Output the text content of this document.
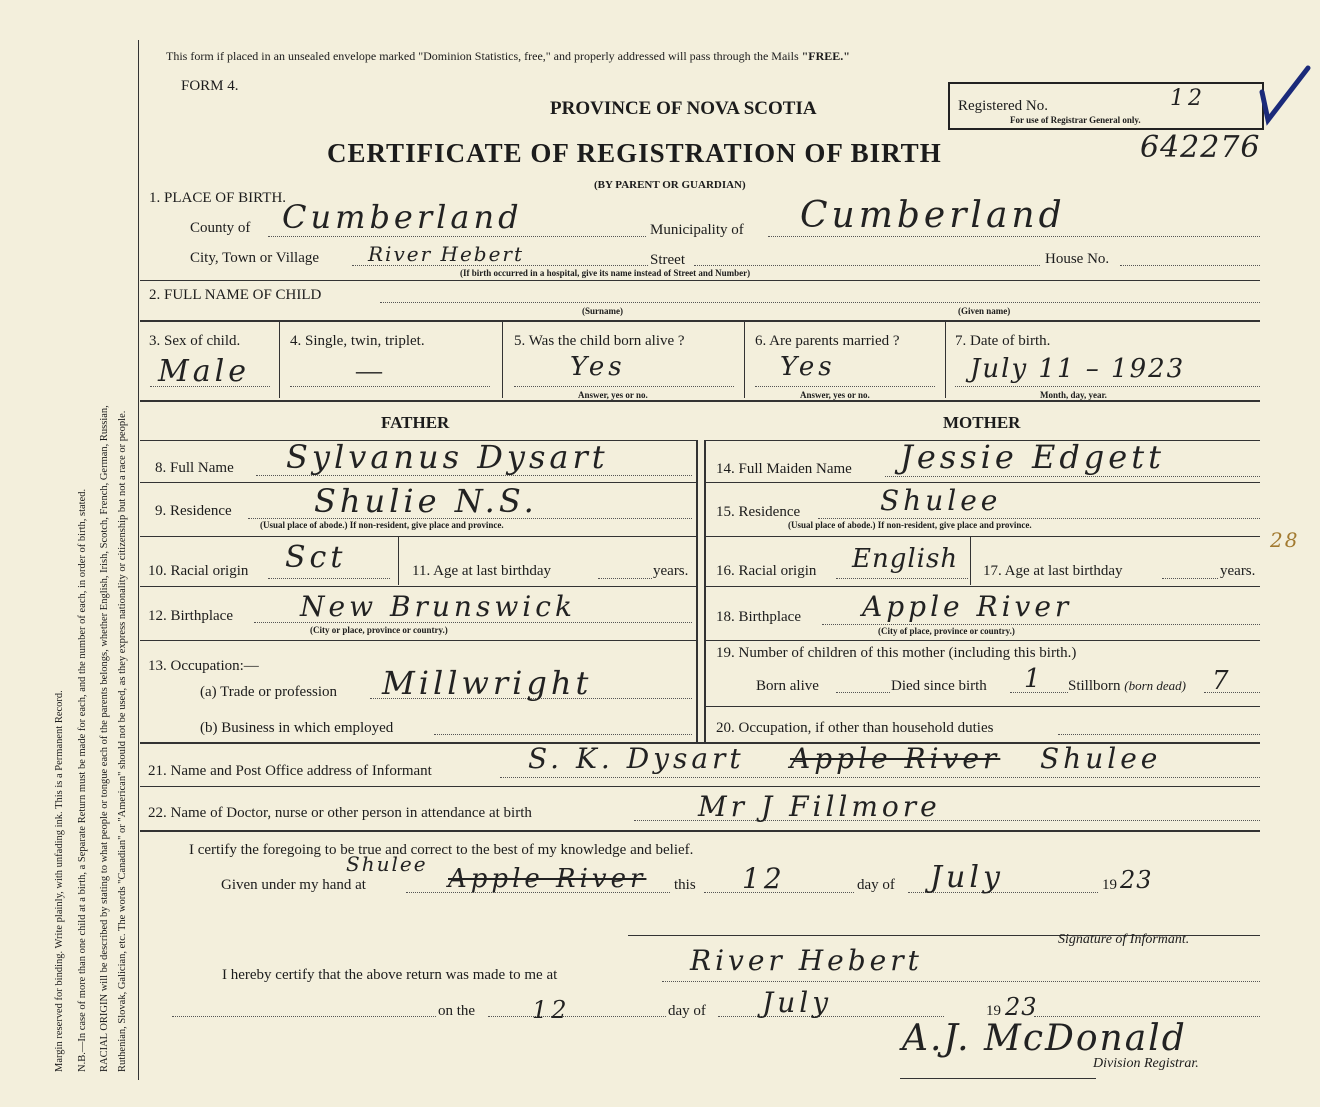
Margin reserved for binding. Write plainly, with unfading ink. This is a Permanent Record. N.B.—In case of more than one child at a birth, a Separate Return must be made for each, and the number of each, in order of birth, stated. RACIAL ORIGIN will be described by stating to what people or tongue each of the parents belongs, whether English, Irish, Scotch, French, German, Russian, Ruthenian, Slovak, Galician, etc. The words "Canadian" or "American" should not be used, as they express nationality or citizenship but not a race or people.
This form if placed in an unsealed envelope marked "Dominion Statistics, free," and properly addressed will pass through the Mails "FREE."
FORM 4.
PROVINCE OF NOVA SCOTIA
CERTIFICATE OF REGISTRATION OF BIRTH
(BY PARENT OR GUARDIAN)
Registered No.	12
For use of Registrar General only.
642276
28
1. PLACE OF BIRTH.
County of Cumberland	Municipality of Cumberland
City, Town or Village River Hebert	Street	House No.
(If birth occurred in a hospital, give its name instead of Street and Number)
2. FULL NAME OF CHILD
(Surname)	(Given name)
3. Sex of child.
Male
4. Single, twin, triplet.
—
5. Was the child born alive ?
Yes
Answer, yes or no.
6. Are parents married ?
Yes
Answer, yes or no.
7. Date of birth.
July 11 – 1923
Month, day, year.
FATHER	MOTHER
8. Full Name Sylvanus Dysart
9. Residence	Shulie N.S.
(Usual place of abode.) If non-resident, give place and province.
10. Racial origin Sct	11. Age at last birthday	years.
12. Birthplace New Brunswick
(City or place, province or country.)
13. Occupation:—
(a) Trade or profession Millwright
(b) Business in which employed
14. Full Maiden Name Jessie Edgett
15. Residence	Shulee
(Usual place of abode.) If non-resident, give place and province.
16. Racial origin English 17. Age at last birthday	years.
18. Birthplace Apple River
(City of place, province or country.)
19. Number of children of this mother (including this birth.)
Born alive	Died since birth 1 Stillborn (born dead) 7
20. Occupation, if other than household duties
21. Name and Post Office address of Informant	S. K. Dysart Apple River Shulee
22. Name of Doctor, nurse or other person in attendance at birth	Mr J Fillmore
I certify the foregoing to be true and correct to the best of my knowledge and belief.
Given under my hand at
Shulee Apple River this 12	day of July	19 23
Signature of Informant.
I hereby certify that the above return was made to me at	River Hebert
on the 12	day of July	19 23
A.J. McDonald
Division Registrar.
